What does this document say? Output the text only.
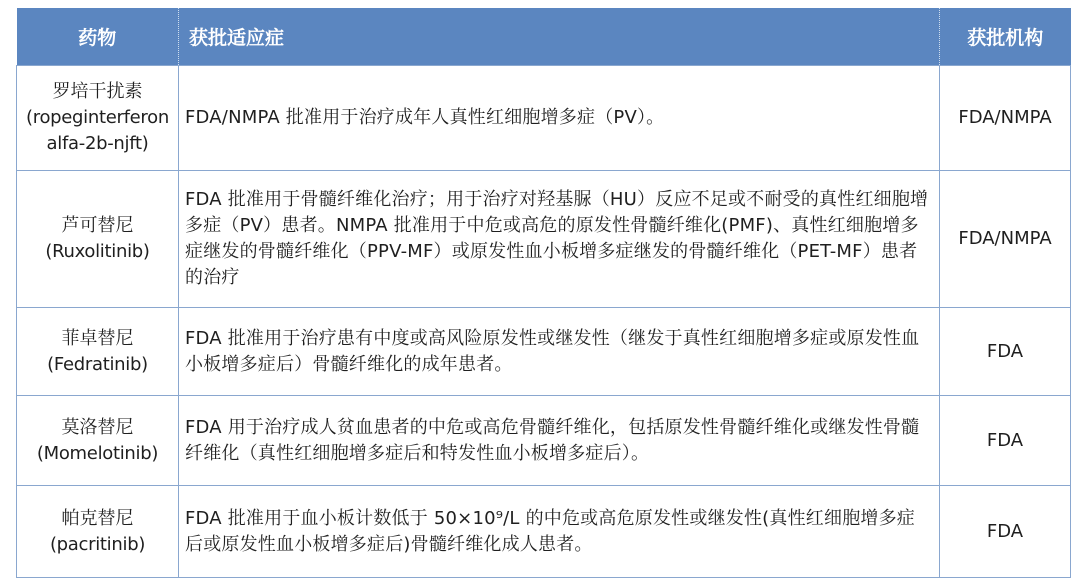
药物	获批适应症	获批机构

罗培干扰素
(ropeginterferon
alfa-2b-njft)	FDA/NMPA 批准用于治疗成年人真性红细胞增多症（PV）。	FDA/NMPA

芦可替尼
(Ruxolitinib)	FDA 批准用于骨髓纤维化治疗；用于治疗对羟基脲（HU）反应不足或不耐受的真性红细胞增多症（PV）患者。NMPA 批准用于中危或高危的原发性骨髓纤维化(PMF)、真性红细胞增多症继发的骨髓纤维化（PPV-MF）或原发性血小板增多症继发的骨髓纤维化（PET-MF）患者的治疗	FDA/NMPA

菲卓替尼
(Fedratinib)	FDA 批准用于治疗患有中度或高风险原发性或继发性（继发于真性红细胞增多症或原发性血小板增多症后）骨髓纤维化的成年患者。	FDA

莫洛替尼
(Momelotinib)	FDA 用于治疗成人贫血患者的中危或高危骨髓纤维化，包括原发性骨髓纤维化或继发性骨髓纤维化（真性红细胞增多症后和特发性血小板增多症后）。	FDA

帕克替尼
(pacritinib)	FDA 批准用于血小板计数低于 50×10⁹/L 的中危或高危原发性或继发性(真性红细胞增多症后或原发性血小板增多症后)骨髓纤维化成人患者。	FDA
